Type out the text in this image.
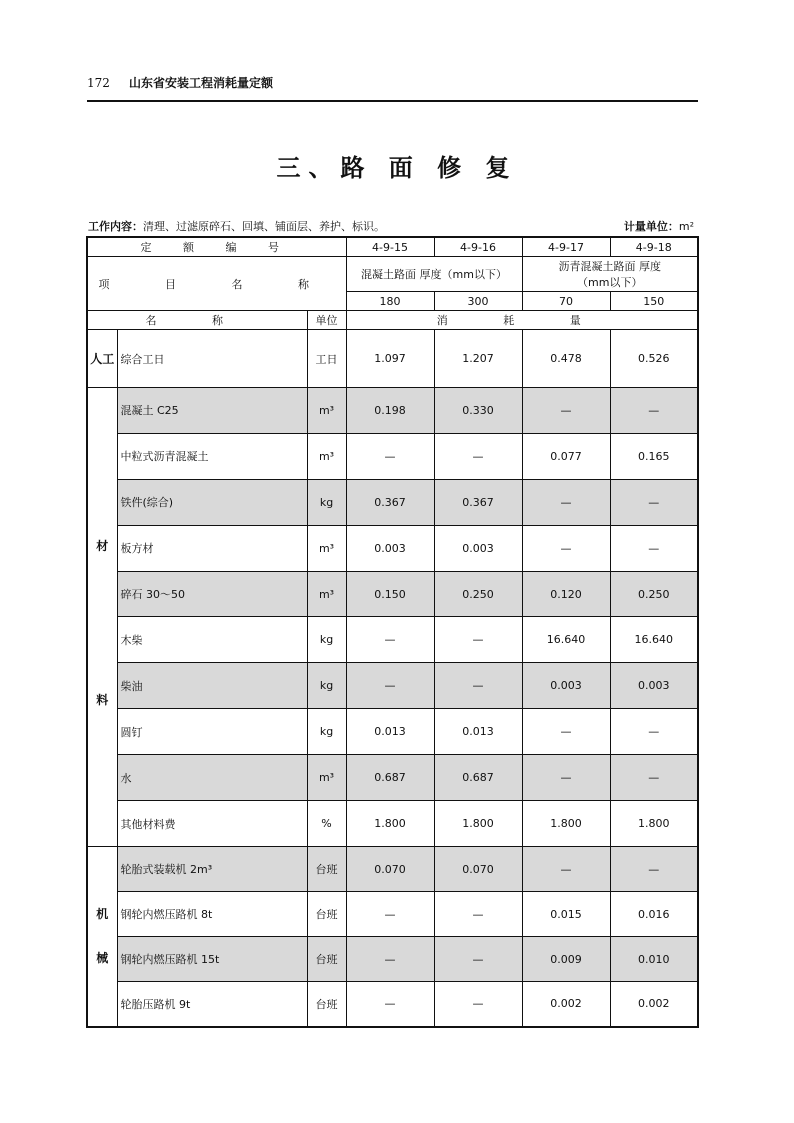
172 山东省安装工程消耗量定额
三、路 面 修 复
工作内容：清理、过滤原碎石、回填、铺面层、养护、标识。	计量单位：m²
定 额 编 号			4-9-15	4-9-16	4-9-17	4-9-18
项 目 名 称			混凝土路面 厚度（mm以下）		沥青混凝土路面 厚度（mm以下）	
			180	300	70	150
名 称		单位	消 耗 量			

人工	综合工日	工日	1.097	1.207	0.478	0.526

材
料	混凝土 C25	m³	0.198	0.330	—	—
	中粒式沥青混凝土	m³	—	—	0.077	0.165
	铁件(综合)	kg	0.367	0.367	—	—
	板方材	m³	0.003	0.003	—	—
	碎石 30～50	m³	0.150	0.250	0.120	0.250
	木柴	kg	—	—	16.640	16.640
	柴油	kg	—	—	0.003	0.003
	圆钉	kg	0.013	0.013	—	—
	水	m³	0.687	0.687	—	—
	其他材料费	%	1.800	1.800	1.800	1.800

机
械	轮胎式装载机 2m³	台班	0.070	0.070	—	—
	钢轮内燃压路机 8t	台班	—	—	0.015	0.016
	钢轮内燃压路机 15t	台班	—	—	0.009	0.010
	轮胎压路机 9t	台班	—	—	0.002	0.002
